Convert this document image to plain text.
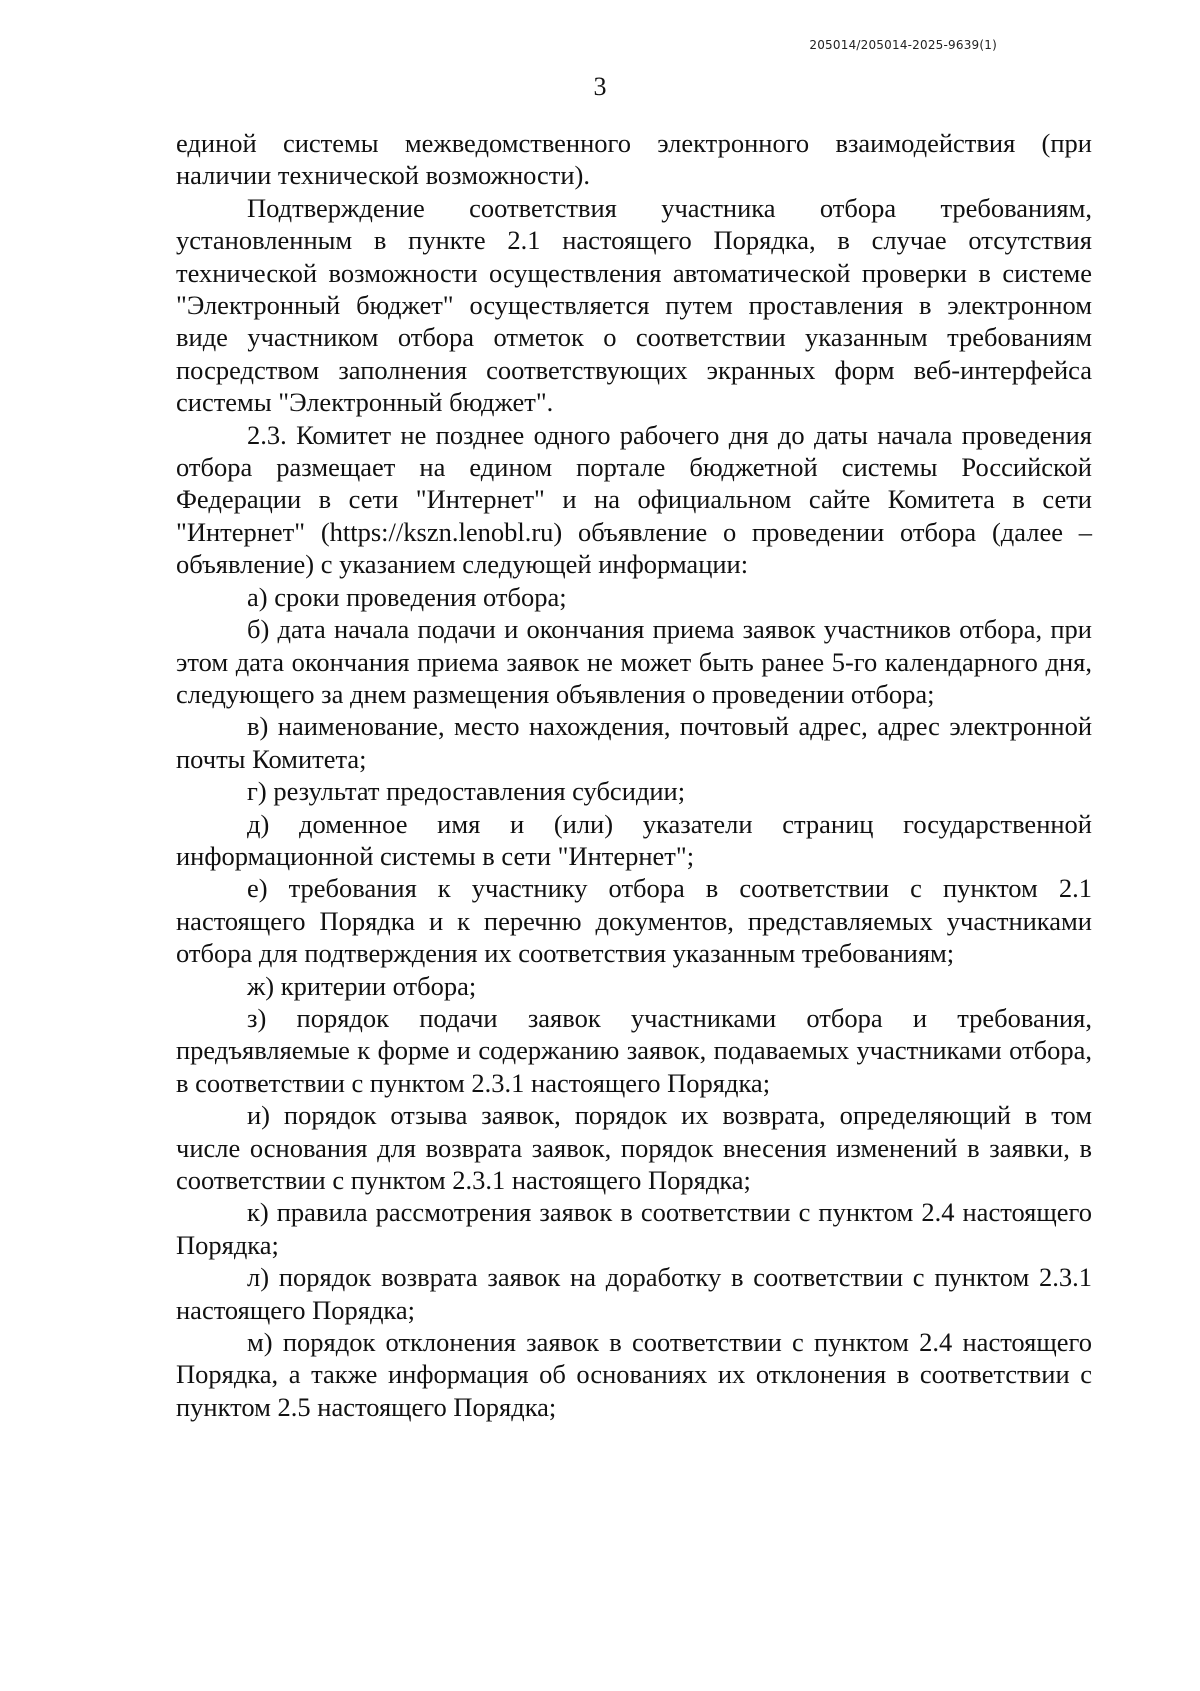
205014/205014-2025-9639(1)
3

единой системы межведомственного электронного взаимодействия (при наличии технической возможности).

Подтверждение соответствия участника отбора требованиям, установленным в пункте 2.1 настоящего Порядка, в случае отсутствия технической возможности осуществления автоматической проверки в системе "Электронный бюджет" осуществляется путем проставления в электронном виде участником отбора отметок о соответствии указанным требованиям посредством заполнения соответствующих экранных форм веб-интерфейса системы "Электронный бюджет".

2.3. Комитет не позднее одного рабочего дня до даты начала проведения отбора размещает на едином портале бюджетной системы Российской Федерации в сети "Интернет" и на официальном сайте Комитета в сети "Интернет" (https://kszn.lenobl.ru) объявление о проведении отбора (далее – объявление) с указанием следующей информации:

а) сроки проведения отбора;

б) дата начала подачи и окончания приема заявок участников отбора, при этом дата окончания приема заявок не может быть ранее 5-го календарного дня, следующего за днем размещения объявления о проведении отбора;

в) наименование, место нахождения, почтовый адрес, адрес электронной почты Комитета;

г) результат предоставления субсидии;

д) доменное имя и (или) указатели страниц государственной информационной системы в сети "Интернет";

е) требования к участнику отбора в соответствии с пунктом 2.1 настоящего Порядка и к перечню документов, представляемых участниками отбора для подтверждения их соответствия указанным требованиям;

ж) критерии отбора;

з) порядок подачи заявок участниками отбора и требования, предъявляемые к форме и содержанию заявок, подаваемых участниками отбора, в соответствии с пунктом 2.3.1 настоящего Порядка;

и) порядок отзыва заявок, порядок их возврата, определяющий в том числе основания для возврата заявок, порядок внесения изменений в заявки, в соответствии с пунктом 2.3.1 настоящего Порядка;

к) правила рассмотрения заявок в соответствии с пунктом 2.4 настоящего Порядка;

л) порядок возврата заявок на доработку в соответствии с пунктом 2.3.1 настоящего Порядка;

м) порядок отклонения заявок в соответствии с пунктом 2.4 настоящего Порядка, а также информация об основаниях их отклонения в соответствии с пунктом 2.5 настоящего Порядка;
